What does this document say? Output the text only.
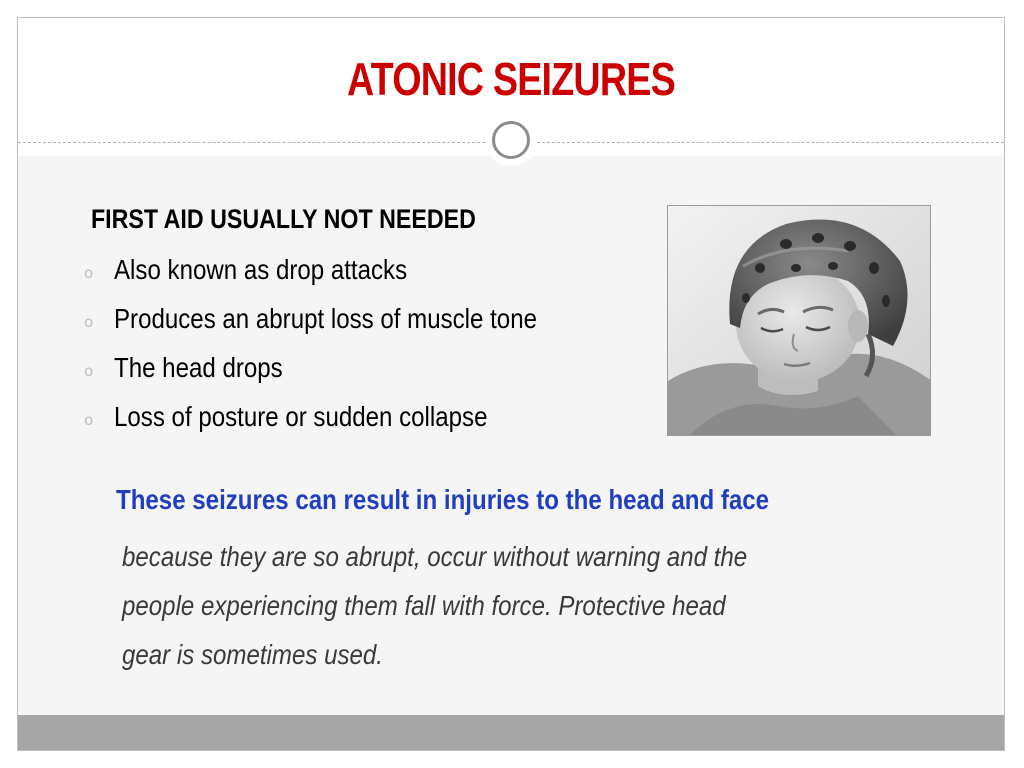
ATONIC SEIZURES
FIRST AID USUALLY NOT NEEDED
o Also known as drop attacks
o Produces an abrupt loss of muscle tone
o The head drops
o Loss of posture or sudden collapse
These seizures can result in injuries to the head and face
because they are so abrupt, occur without warning and the
people experiencing them fall with force. Protective head
gear is sometimes used.
